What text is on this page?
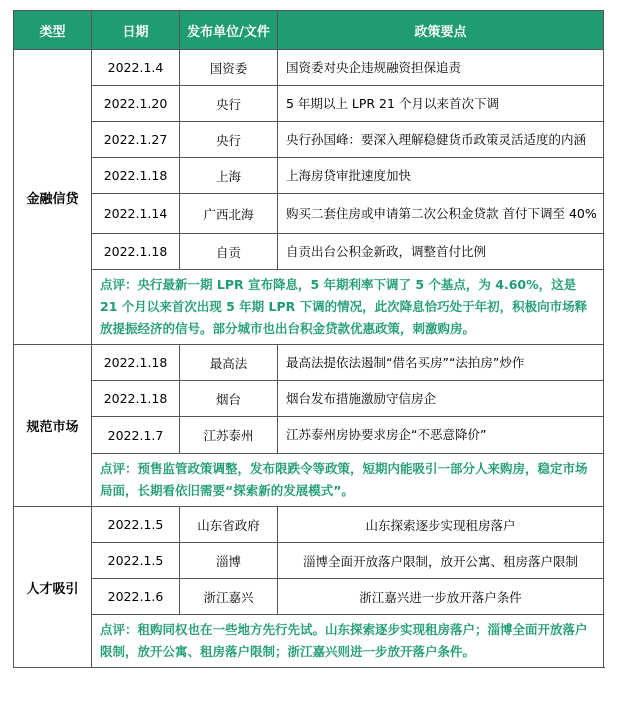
类型	日期	发布单位/文件	政策要点
金融信贷	2022.1.4	国资委	国资委对央企违规融资担保追责
	2022.1.20	央行	5 年期以上 LPR 21 个月以来首次下调
	2022.1.27	央行	央行孙国峰：要深入理解稳健货币政策灵活适度的内涵
	2022.1.18	上海	上海房贷审批速度加快
	2022.1.14	广西北海	购买二套住房或申请第二次公积金贷款 首付下调至 40%
	2022.1.18	自贡	自贡出台公积金新政，调整首付比例
	点评：央行最新一期 LPR 宣布降息，5 年期利率下调了 5 个基点，为 4.60%，这是 21 个月以来首次出现 5 年期 LPR 下调的情况，此次降息恰巧处于年初，积极向市场释放提振经济的信号。部分城市也出台积金贷款优惠政策，刺激购房。		
规范市场	2022.1.18	最高法	最高法提依法遏制“借名买房”“法拍房”炒作
	2022.1.18	烟台	烟台发布措施激励守信房企
	2022.1.7	江苏泰州	江苏泰州房协要求房企“不恶意降价”
	点评：预售监管政策调整，发布限跌令等政策，短期内能吸引一部分人来购房，稳定市场局面，长期看依旧需要“探索新的发展模式”。		
人才吸引	2022.1.5	山东省政府	山东探索逐步实现租房落户
	2022.1.5	淄博	淄博全面开放落户限制，放开公寓、租房落户限制
	2022.1.6	浙江嘉兴	浙江嘉兴进一步放开落户条件
	点评：租购同权也在一些地方先行先试。山东探索逐步实现租房落户；淄博全面开放落户限制，放开公寓、租房落户限制；浙江嘉兴则进一步放开落户条件。		
